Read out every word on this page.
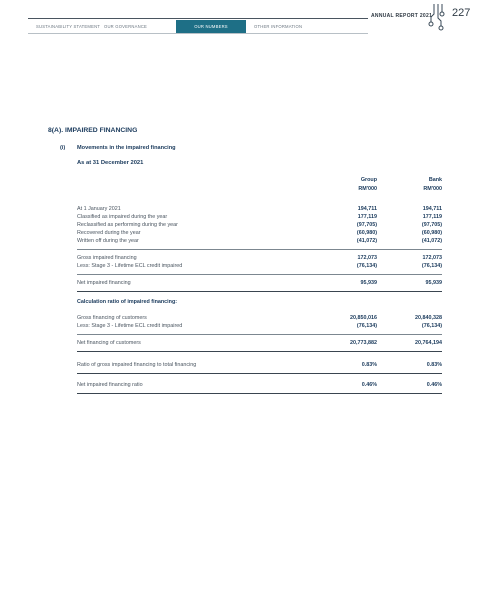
ANNUAL REPORT 2021 227
SUSTAINABILITY STATEMENT OUR GOVERNANCE	OUR NUMBERS	OTHER INFORMATION
8(A). IMPAIRED FINANCING
(i) Movements in the impaired financing
As at 31 December 2021
Group
RM'000
Bank
RM'000
At 1 January 2021	194,711	194,711
Classified as impaired during the year	177,119	177,119
Reclassified as performing during the year	(97,705)	(97,705)
Recovered during the year	(60,980)	(60,980)
Written off during the year	(41,072)	(41,072)
Gross impaired financing	172,073	172,073
Less: Stage 3 - Lifetime ECL credit impaired	(76,134)	(76,134)
Net impaired financing	95,939	95,939
Calculation ratio of impaired financing:
Gross financing of customers	20,850,016	20,840,328
Less: Stage 3 - Lifetime ECL credit impaired	(76,134)	(76,134)
Net financing of customers	20,773,882	20,764,194
Ratio of gross impaired financing to total financing	0.83%	0.83%
Net impaired financing ratio	0.46%	0.46%
